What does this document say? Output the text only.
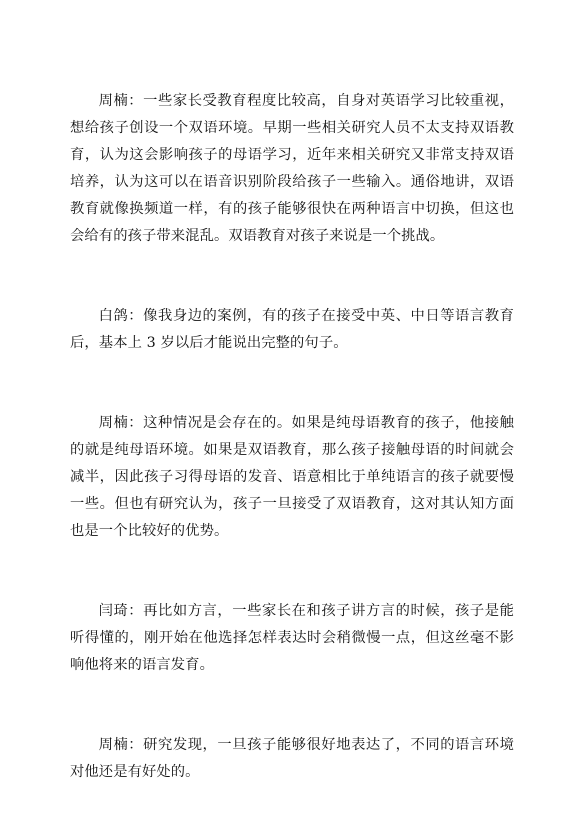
周楠：一些家长受教育程度比较高，自身对英语学习比较重视，想给孩子创设一个双语环境。早期一些相关研究人员不太支持双语教育，认为这会影响孩子的母语学习，近年来相关研究又非常支持双语培养，认为这可以在语音识别阶段给孩子一些输入。通俗地讲，双语教育就像换频道一样，有的孩子能够很快在两种语言中切换，但这也会给有的孩子带来混乱。双语教育对孩子来说是一个挑战。

白鸽：像我身边的案例，有的孩子在接受中英、中日等语言教育后，基本上 3 岁以后才能说出完整的句子。

周楠：这种情况是会存在的。如果是纯母语教育的孩子，他接触的就是纯母语环境。如果是双语教育，那么孩子接触母语的时间就会减半，因此孩子习得母语的发音、语意相比于单纯语言的孩子就要慢一些。但也有研究认为，孩子一旦接受了双语教育，这对其认知方面也是一个比较好的优势。

闫琦：再比如方言，一些家长在和孩子讲方言的时候，孩子是能听得懂的，刚开始在他选择怎样表达时会稍微慢一点，但这丝毫不影响他将来的语言发育。

周楠：研究发现，一旦孩子能够很好地表达了，不同的语言环境对他还是有好处的。
